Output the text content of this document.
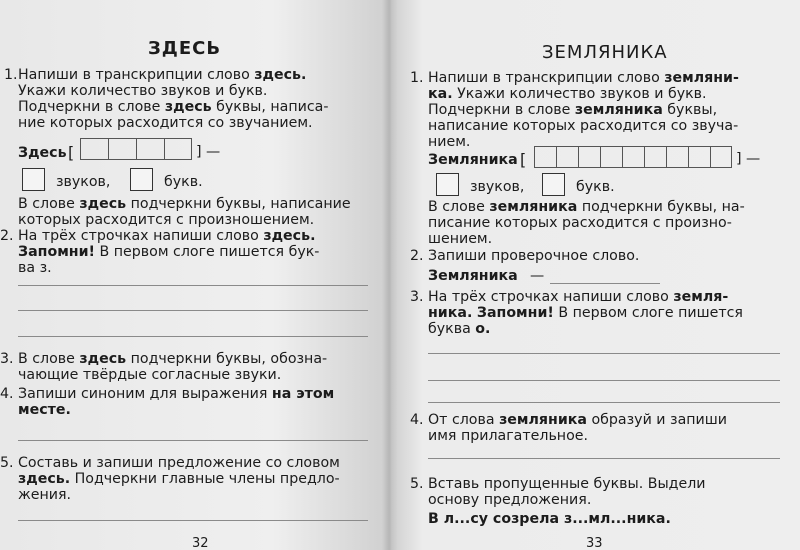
ЗДЕСЬ
1. Напиши в транскрипции слово здесь.
Укажи количество звуков и букв.
Подчеркни в слове здесь буквы, написа-
ние которых расходится со звучанием.
Здесь [	] —
звуков,	букв.
В слове здесь подчеркни буквы, написание
которых расходится с произношением.
2. На трёх строчках напиши слово здесь.
Запомни! В первом слоге пишется бук-
ва з.
3. В слове здесь подчеркни буквы, обозна-
чающие твёрдые согласные звуки.
4. Запиши синоним для выражения на этом
месте.
5. Составь и запиши предложение со словом
здесь. Подчеркни главные члены предло-
жения.
32
ЗЕМЛЯНИКА
1. Напиши в транскрипции слово земляни-
ка. Укажи количество звуков и букв.
Подчеркни в слове земляника буквы,
написание которых расходится со звуча-
нием.
Земляника [	] —
звуков,	букв.
В слове земляника подчеркни буквы, на-
писание которых расходится с произно-
шением.
2. Запиши проверочное слово.
Земляника —
3. На трёх строчках напиши слово земля-
ника. Запомни! В первом слоге пишется
буква о.
4. От слова земляника образуй и запиши
имя прилагательное.
5. Вставь пропущенные буквы. Выдели
основу предложения.
В л...су созрела з...мл...ника.
33
